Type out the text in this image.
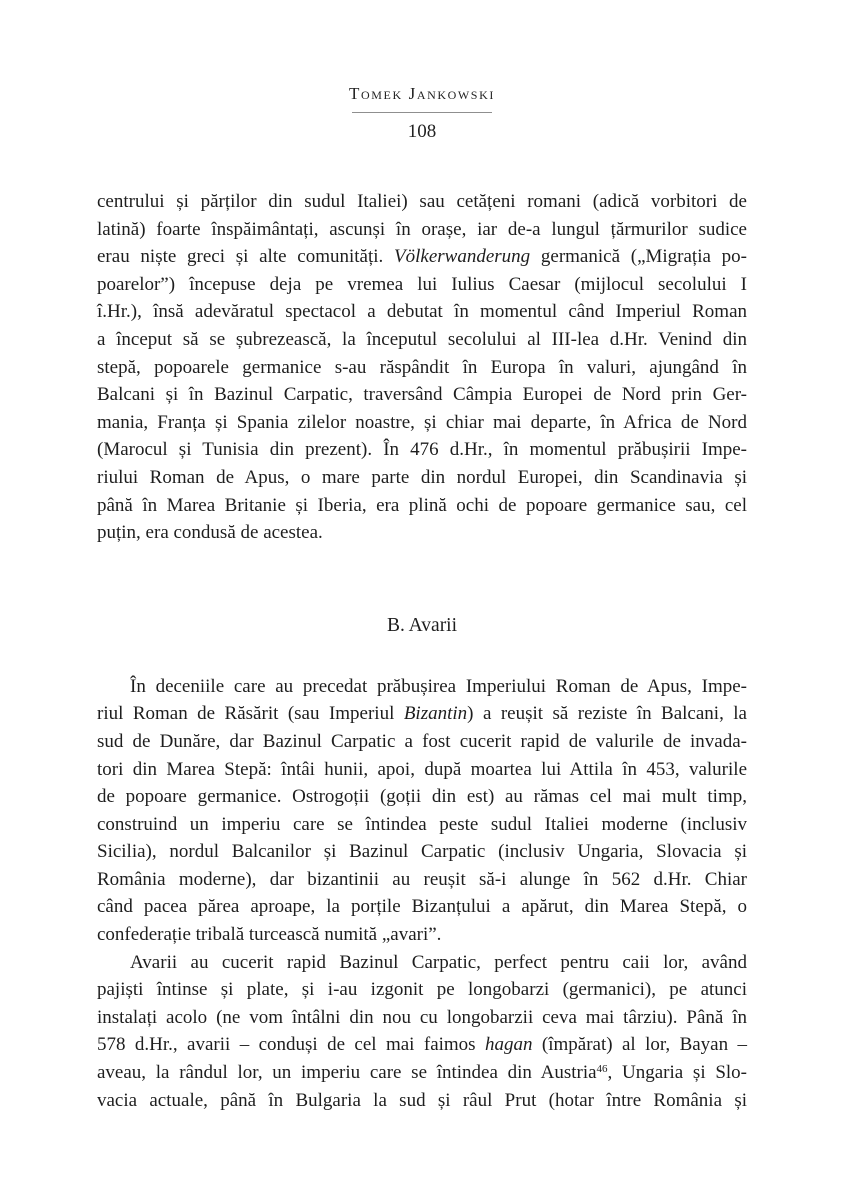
Tomek Jankowski
108
centrului și părților din sudul Italiei) sau cetățeni romani (adică vorbitori de
latină) foarte înspăimântați, ascunși în orașe, iar de-a lungul țărmurilor sudice
erau niște greci și alte comunități. Völkerwanderung germanică („Migrația po-
poarelor”) începuse deja pe vremea lui Iulius Caesar (mijlocul secolului I
î.Hr.), însă adevăratul spectacol a debutat în momentul când Imperiul Roman
a început să se șubrezească, la începutul secolului al III-lea d.Hr. Venind din
stepă, popoarele germanice s-au răspândit în Europa în valuri, ajungând în
Balcani și în Bazinul Carpatic, traversând Câmpia Europei de Nord prin Ger-
mania, Franța și Spania zilelor noastre, și chiar mai departe, în Africa de Nord
(Marocul și Tunisia din prezent). În 476 d.Hr., în momentul prăbușirii Impe-
riului Roman de Apus, o mare parte din nordul Europei, din Scandinavia și
până în Marea Britanie și Iberia, era plină ochi de popoare germanice sau, cel
puțin, era condusă de acestea.
B. Avarii
În deceniile care au precedat prăbușirea Imperiului Roman de Apus, Impe-
riul Roman de Răsărit (sau Imperiul Bizantin) a reușit să reziste în Balcani, la
sud de Dunăre, dar Bazinul Carpatic a fost cucerit rapid de valurile de invada-
tori din Marea Stepă: întâi hunii, apoi, după moartea lui Attila în 453, valurile
de popoare germanice. Ostrogoții (goții din est) au rămas cel mai mult timp,
construind un imperiu care se întindea peste sudul Italiei moderne (inclusiv
Sicilia), nordul Balcanilor și Bazinul Carpatic (inclusiv Ungaria, Slovacia și
România moderne), dar bizantinii au reușit să-i alunge în 562 d.Hr. Chiar
când pacea părea aproape, la porțile Bizanțului a apărut, din Marea Stepă, o
confederație tribală turcească numită „avari”.
Avarii au cucerit rapid Bazinul Carpatic, perfect pentru caii lor, având
pajiști întinse și plate, și i-au izgonit pe longobarzi (germanici), pe atunci
instalați acolo (ne vom întâlni din nou cu longobarzii ceva mai târziu). Până în
578 d.Hr., avarii – conduși de cel mai faimos hagan (împărat) al lor, Bayan –
aveau, la rândul lor, un imperiu care se întindea din Austria$^{46}$, Ungaria și Slo-
vacia actuale, până în Bulgaria la sud și râul Prut (hotar între România și
